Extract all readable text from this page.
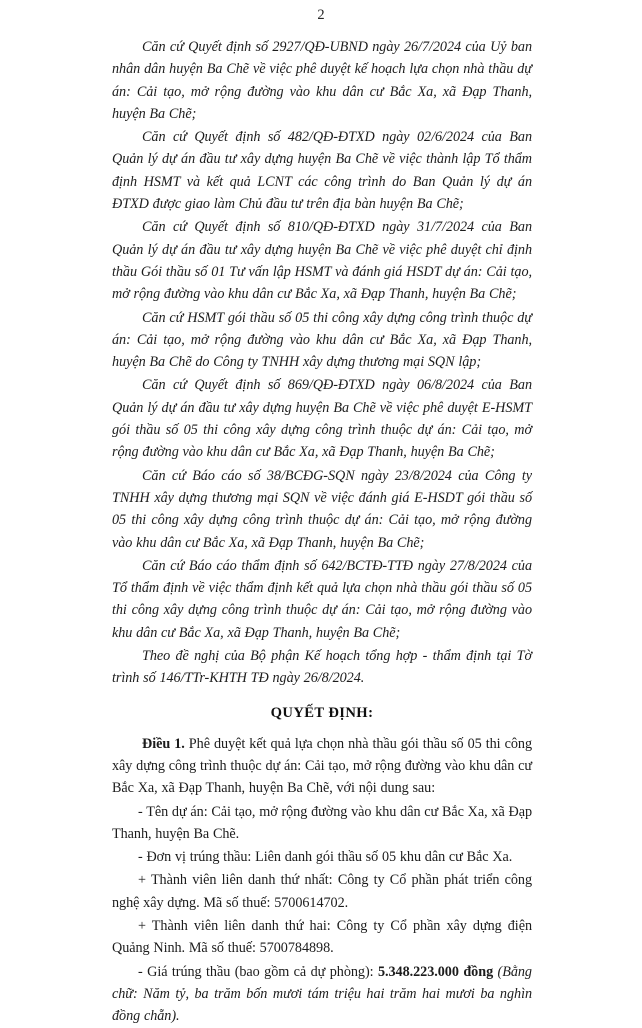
2

Căn cứ Quyết định số 2927/QĐ-UBND ngày 26/7/2024 của Uỷ ban nhân dân huyện Ba Chẽ về việc phê duyệt kế hoạch lựa chọn nhà thầu dự án: Cải tạo, mở rộng đường vào khu dân cư Bắc Xa, xã Đạp Thanh, huyện Ba Chẽ;

Căn cứ Quyết định số 482/QĐ-ĐTXD ngày 02/6/2024 của Ban Quản lý dự án đầu tư xây dựng huyện Ba Chẽ về việc thành lập Tổ thẩm định HSMT và kết quả LCNT các công trình do Ban Quản lý dự án ĐTXD được giao làm Chủ đầu tư trên địa bàn huyện Ba Chẽ;

Căn cứ Quyết định số 810/QĐ-ĐTXD ngày 31/7/2024 của Ban Quản lý dự án đầu tư xây dựng huyện Ba Chẽ về việc phê duyệt chỉ định thầu Gói thầu số 01 Tư vấn lập HSMT và đánh giá HSDT dự án: Cải tạo, mở rộng đường vào khu dân cư Bắc Xa, xã Đạp Thanh, huyện Ba Chẽ;

Căn cứ HSMT gói thầu số 05 thi công xây dựng công trình thuộc dự án: Cải tạo, mở rộng đường vào khu dân cư Bắc Xa, xã Đạp Thanh, huyện Ba Chẽ do Công ty TNHH xây dựng thương mại SQN lập;

Căn cứ Quyết định số 869/QĐ-ĐTXD ngày 06/8/2024 của Ban Quản lý dự án đầu tư xây dựng huyện Ba Chẽ về việc phê duyệt E-HSMT gói thầu số 05 thi công xây dựng công trình thuộc dự án: Cải tạo, mở rộng đường vào khu dân cư Bắc Xa, xã Đạp Thanh, huyện Ba Chẽ;

Căn cứ Báo cáo số 38/BCĐG-SQN ngày 23/8/2024 của Công ty TNHH xây dựng thương mại SQN về việc đánh giá E-HSDT gói thầu số 05 thi công xây dựng công trình thuộc dự án: Cải tạo, mở rộng đường vào khu dân cư Bắc Xa, xã Đạp Thanh, huyện Ba Chẽ;

Căn cứ Báo cáo thẩm định số 642/BCTĐ-TTĐ ngày 27/8/2024 của Tổ thẩm định về việc thẩm định kết quả lựa chọn nhà thầu gói thầu số 05 thi công xây dựng công trình thuộc dự án: Cải tạo, mở rộng đường vào khu dân cư Bắc Xa, xã Đạp Thanh, huyện Ba Chẽ;

Theo đề nghị của Bộ phận Kế hoạch tổng hợp - thẩm định tại Tờ trình số 146/TTr-KHTH TĐ ngày 26/8/2024.

QUYẾT ĐỊNH:

Điều 1. Phê duyệt kết quả lựa chọn nhà thầu gói thầu số 05 thi công xây dựng công trình thuộc dự án: Cải tạo, mở rộng đường vào khu dân cư Bắc Xa, xã Đạp Thanh, huyện Ba Chẽ, với nội dung sau:

- Tên dự án: Cải tạo, mở rộng đường vào khu dân cư Bắc Xa, xã Đạp Thanh, huyện Ba Chẽ.

- Đơn vị trúng thầu: Liên danh gói thầu số 05 khu dân cư Bắc Xa.

+ Thành viên liên danh thứ nhất: Công ty Cổ phần phát triển công nghệ xây dựng. Mã số thuế: 5700614702.

+ Thành viên liên danh thứ hai: Công ty Cổ phần xây dựng điện Quảng Ninh. Mã số thuế: 5700784898.

- Giá trúng thầu (bao gồm cả dự phòng): 5.348.223.000 đồng (Bằng chữ: Năm tỷ, ba trăm bốn mươi tám triệu hai trăm hai mươi ba nghìn đồng chẵn).
